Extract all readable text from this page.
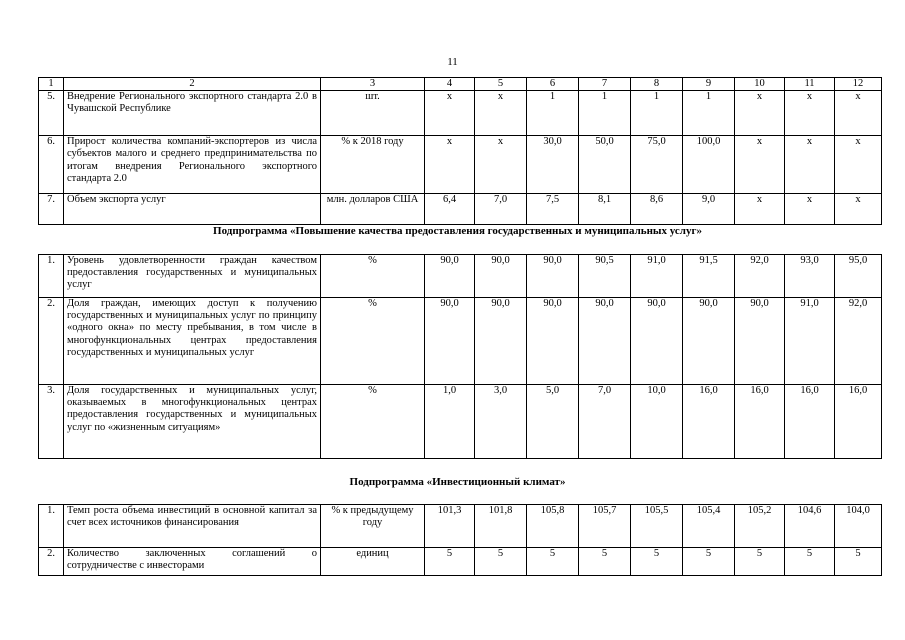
11
1	2	3	4	5	6	7	8	9	10	11	12
5.	Внедрение Регионального экспортного стандарта 2.0 в Чувашской Республике	шт.	x	x	1	1	1	1	x	x	x
6.	Прирост количества компаний-экспортеров из числа субъектов малого и среднего предпринимательства по итогам внедрения Регионального экспортного стандарта 2.0	% к 2018 году	x	x	30,0	50,0	75,0	100,0	x	x	x
7.	Объем экспорта услуг	млн. долларов США	6,4	7,0	7,5	8,1	8,6	9,0	x	x	x
Подпрограмма «Повышение качества предоставления государственных и муниципальных услуг»
1.	Уровень удовлетворенности граждан качеством предоставления государственных и муниципальных услуг	%	90,0	90,0	90,0	90,5	91,0	91,5	92,0	93,0	95,0
2.	Доля граждан, имеющих доступ к получению государственных и муниципальных услуг по принципу «одного окна» по месту пребывания, в том числе в многофункциональных центрах предоставления государственных и муниципальных услуг	%	90,0	90,0	90,0	90,0	90,0	90,0	90,0	91,0	92,0
3.	Доля государственных и муниципальных услуг, оказываемых в многофункциональных центрах предоставления государственных и муниципальных услуг по «жизненным ситуациям»	%	1,0	3,0	5,0	7,0	10,0	16,0	16,0	16,0	16,0
Подпрограмма «Инвестиционный климат»
1.	Темп роста объема инвестиций в основной капитал за счет всех источников финансирования	% к предыдущему году	101,3	101,8	105,8	105,7	105,5	105,4	105,2	104,6	104,0
2.	Количество заключенных соглашений о сотрудничестве с инвесторами	единиц	5	5	5	5	5	5	5	5	5
